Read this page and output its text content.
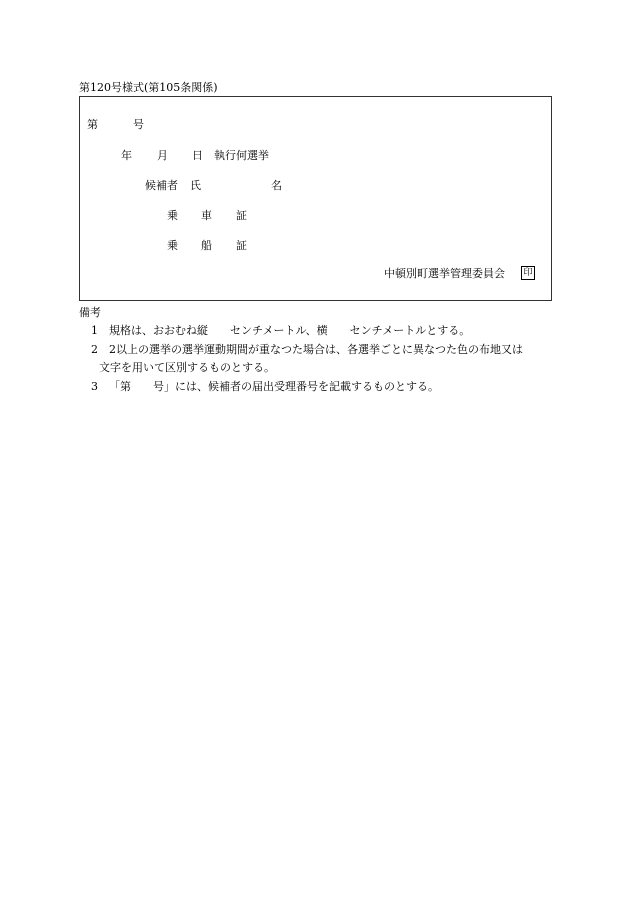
第120号様式(第105条関係)
第	号
年 月 日 執行何選挙
候補者 氏	名
乗 車 証
乗 船 証
中頓別町選挙管理委員会 印
備考
1 規格は、おおむね縦　　センチメートル、横　　センチメートルとする。
2 2以上の選挙の選挙運動期間が重なつた場合は、各選挙ごとに異なつた色の布地又は
文字を用いて区別するものとする。
3 「第　　号」には、候補者の届出受理番号を記載するものとする。
